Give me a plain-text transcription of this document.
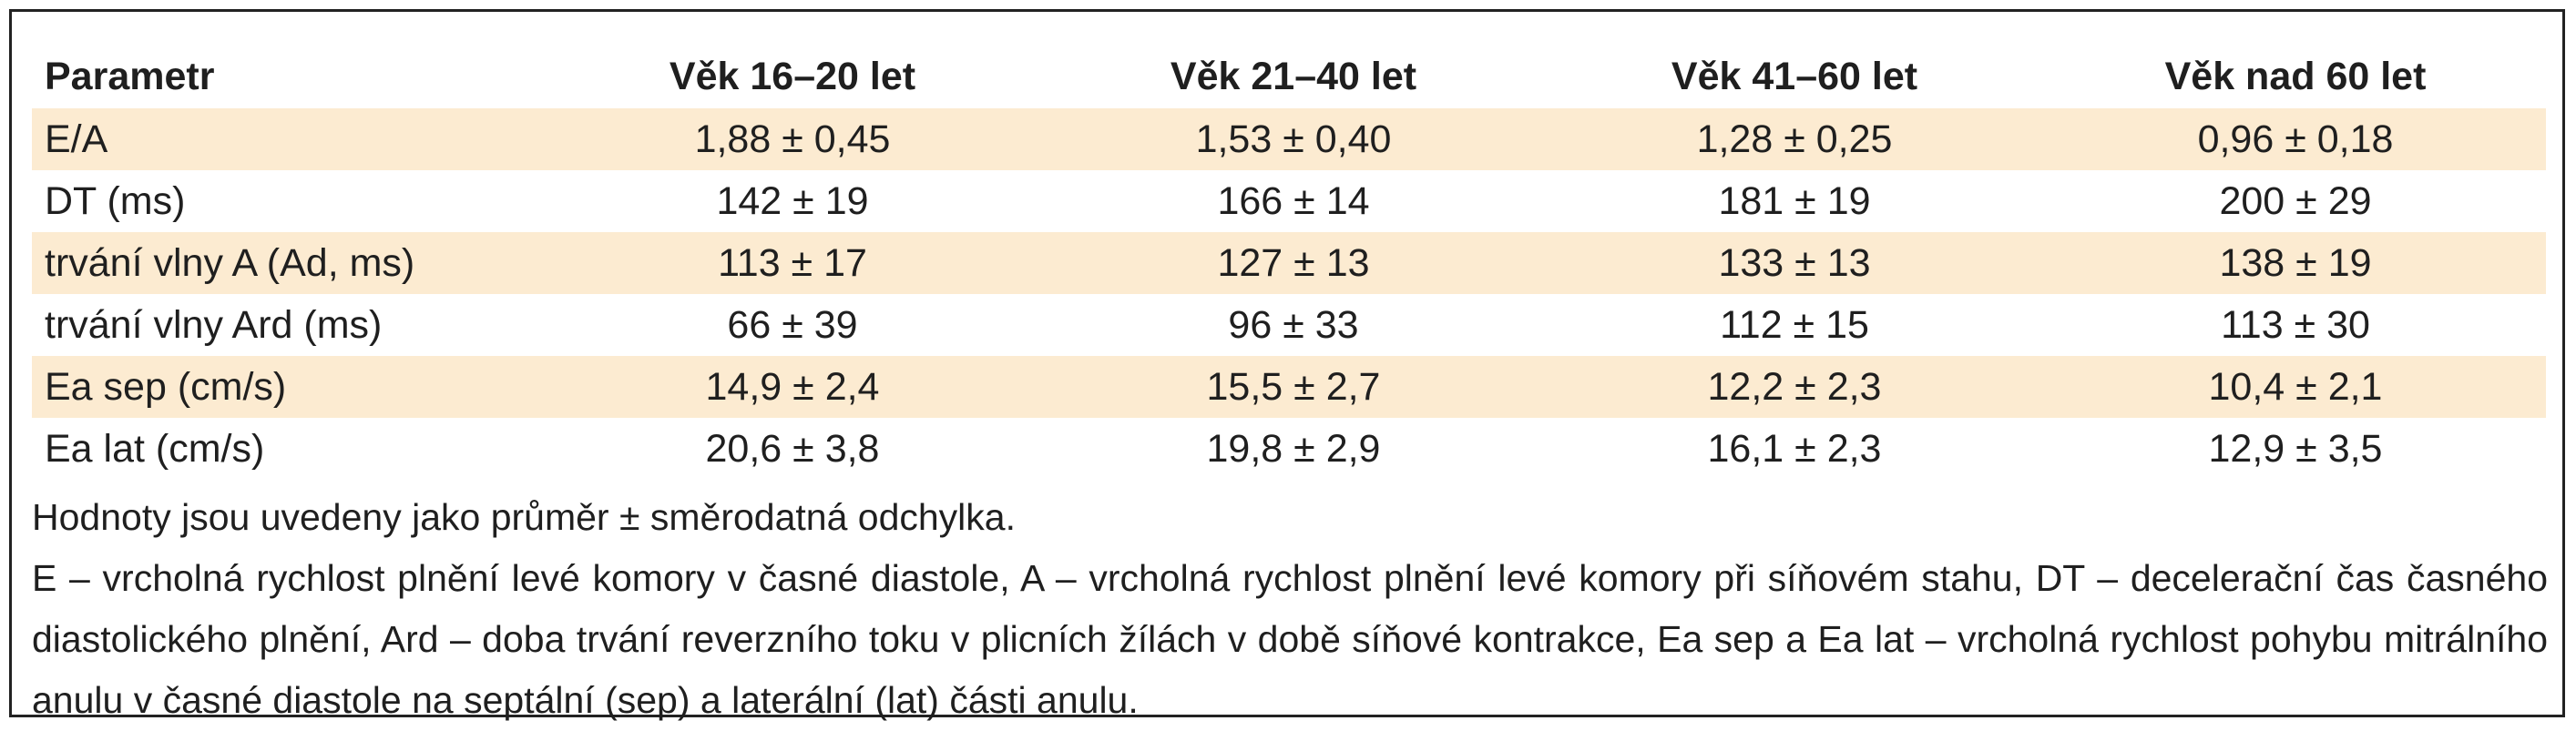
Parametr	Věk 16–20 let	Věk 21–40 let	Věk 41–60 let	Věk nad 60 let
E/A	1,88 ± 0,45	1,53 ± 0,40	1,28 ± 0,25	0,96 ± 0,18
DT (ms)	142 ± 19	166 ± 14	181 ± 19	200 ± 29
trvání vlny A (Ad, ms)	113 ± 17	127 ± 13	133 ± 13	138 ± 19
trvání vlny Ard (ms)	66 ± 39	96 ± 33	112 ± 15	113 ± 30
Ea sep (cm/s)	14,9 ± 2,4	15,5 ± 2,7	12,2 ± 2,3	10,4 ± 2,1
Ea lat (cm/s)	20,6 ± 3,8	19,8 ± 2,9	16,1 ± 2,3	12,9 ± 3,5

Hodnoty jsou uvedeny jako průměr ± směrodatná odchylka.

E – vrcholná rychlost plnění levé komory v časné diastole, A – vrcholná rychlost plnění levé komory při síňovém stahu, DT – decelerační čas časného diastolického plnění, Ard – doba trvání reverzního toku v plicních žílách v době síňové kontrakce, Ea sep a Ea lat – vrcholná rychlost pohybu mitrálního anulu v časné diastole na septální (sep) a laterální (lat) části anulu.
